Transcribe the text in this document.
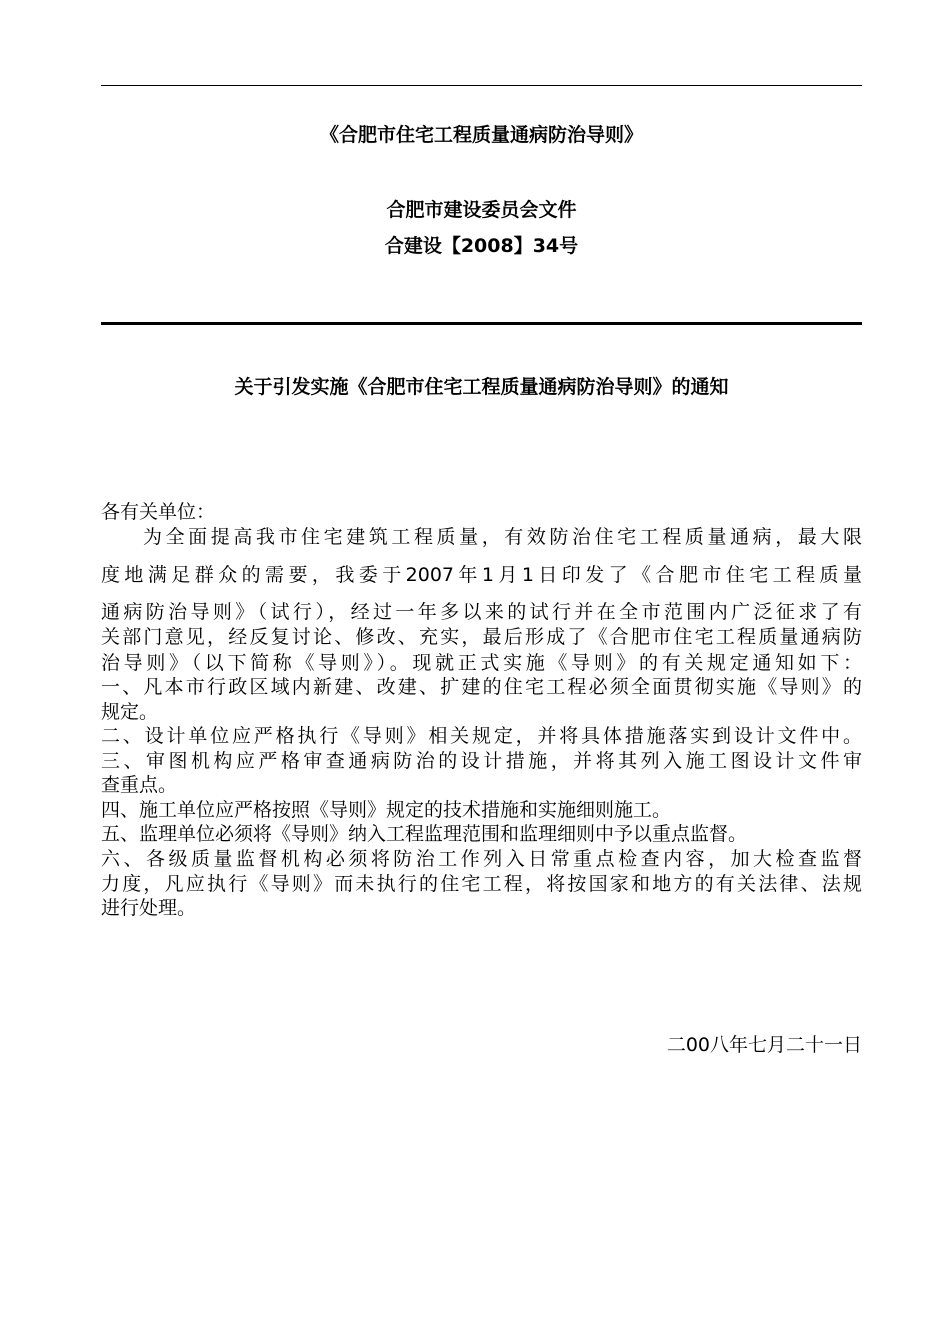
《合肥市住宅工程质量通病防治导则》
合肥市建设委员会文件
合建设【2008】34号
关于引发实施《合肥市住宅工程质量通病防治导则》的通知
各有关单位：
为全面提高我市住宅建筑工程质量，有效防治住宅工程质量通病，最大限
度地满足群众的需要，我委于2007年1月1日印发了《合肥市住宅工程质量
通病防治导则》（试行），经过一年多以来的试行并在全市范围内广泛征求了有
关部门意见，经反复讨论、修改、充实，最后形成了《合肥市住宅工程质量通病防
治导则》（以下简称《导则》）。现就正式实施《导则》的有关规定通知如下：
一、凡本市行政区域内新建、改建、扩建的住宅工程必须全面贯彻实施《导则》的
规定。
二、设计单位应严格执行《导则》相关规定，并将具体措施落实到设计文件中。
三、审图机构应严格审查通病防治的设计措施，并将其列入施工图设计文件审
查重点。
四、施工单位应严格按照《导则》规定的技术措施和实施细则施工。
五、监理单位必须将《导则》纳入工程监理范围和监理细则中予以重点监督。
六、各级质量监督机构必须将防治工作列入日常重点检查内容，加大检查监督
力度，凡应执行《导则》而未执行的住宅工程，将按国家和地方的有关法律、法规
进行处理。
二00八年七月二十一日
